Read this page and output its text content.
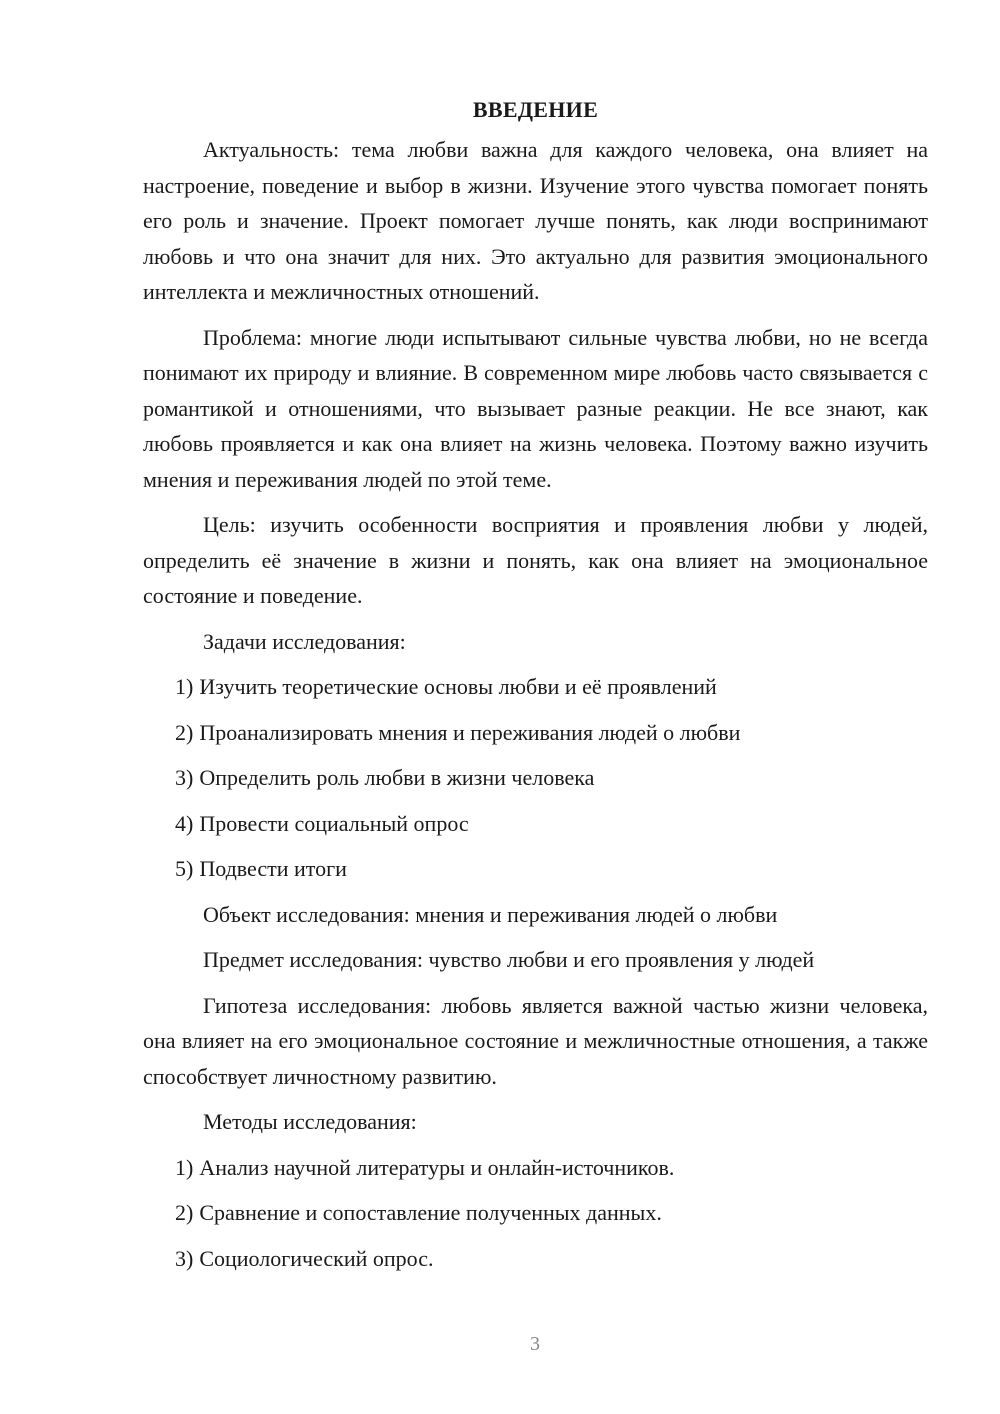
ВВЕДЕНИЕ

Актуальность: тема любви важна для каждого человека, она влияет на настроение, поведение и выбор в жизни. Изучение этого чувства помогает понять его роль и значение. Проект помогает лучше понять, как люди воспринимают любовь и что она значит для них. Это актуально для развития эмоционального интеллекта и межличностных отношений.

Проблема: многие люди испытывают сильные чувства любви, но не всегда понимают их природу и влияние. В современном мире любовь часто связывается с романтикой и отношениями, что вызывает разные реакции. Не все знают, как любовь проявляется и как она влияет на жизнь человека. Поэтому важно изучить мнения и переживания людей по этой теме.

Цель: изучить особенности восприятия и проявления любви у людей, определить её значение в жизни и понять, как она влияет на эмоциональное состояние и поведение.

Задачи исследования:

1) Изучить теоретические основы любви и её проявлений
2) Проанализировать мнения и переживания людей о любви
3) Определить роль любви в жизни человека
4) Провести социальный опрос
5) Подвести итоги

Объект исследования: мнения и переживания людей о любви

Предмет исследования: чувство любви и его проявления у людей

Гипотеза исследования: любовь является важной частью жизни человека, она влияет на его эмоциональное состояние и межличностные отношения, а также способствует личностному развитию.

Методы исследования:

1) Анализ научной литературы и онлайн-источников.
2) Сравнение и сопоставление полученных данных.
3) Социологический опрос.
3
